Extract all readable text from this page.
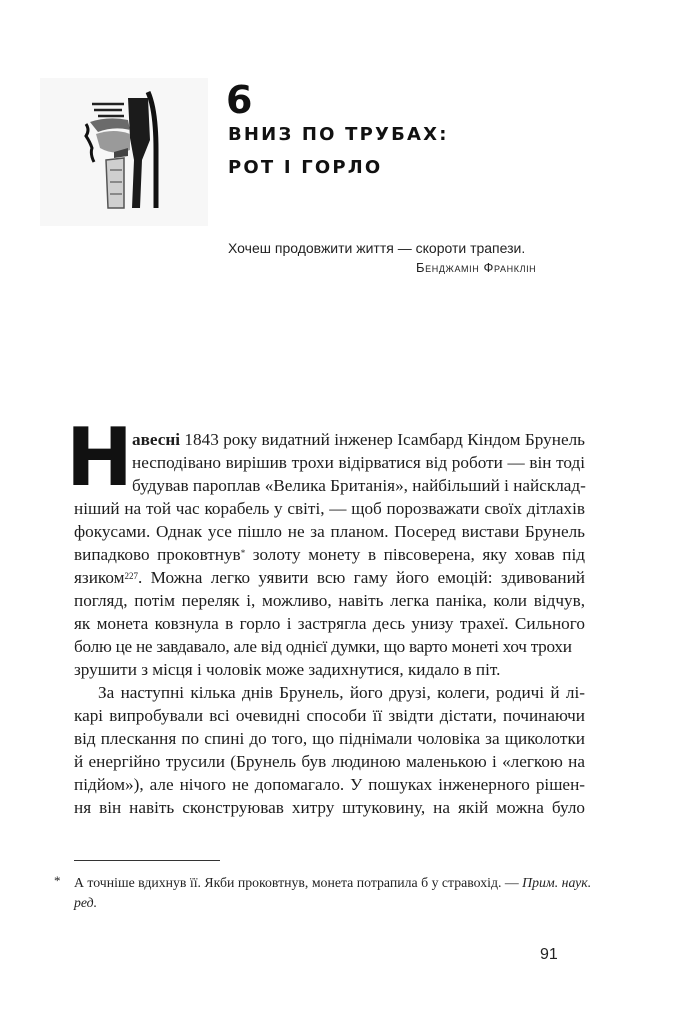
6
ВНИЗ ПО ТРУБАХ:
РОТ І ГОРЛО
Хочеш продовжити життя — скороти трапези.
Бенджамін Франклін
Н авесні 1843 року видатний інженер Ісамбард Кіндом Брунель
несподівано вирішив трохи відірватися від роботи — він тоді
будував пароплав «Велика Британія», найбільший і найсклад-
ніший на той час корабель у світі, — щоб порозважати своїх дітлахів
фокусами. Однак усе пішло не за планом. Посеред вистави Брунель
випадково проковтнув* золоту монету в півсоверена, яку ховав під
язиком$^{227}$. Можна легко уявити всю гаму його емоцій: здивований
погляд, потім переляк і, можливо, навіть легка паніка, коли відчув,
як монета ковзнула в горло і застрягла десь унизу трахеї. Сильного
болю це не завдавало, але від однієї думки, що варто монеті хоч трохи
зрушити з місця і чоловік може задихнутися, кидало в піт.
За наступні кілька днів Брунель, його друзі, колеги, родичі й лі-
карі випробували всі очевидні способи її звідти дістати, починаючи
від плескання по спині до того, що піднімали чоловіка за щиколотки
й енергійно трусили (Брунель був людиною маленькою і «легкою на
підйом»), але нічого не допомагало. У пошуках інженерного рішен-
ня він навіть сконструював хитру штуковину, на якій можна було
* А точніше вдихнув її. Якби проковтнув, монета потрапила б у стравохід. — Прим. наук. ред.
91
